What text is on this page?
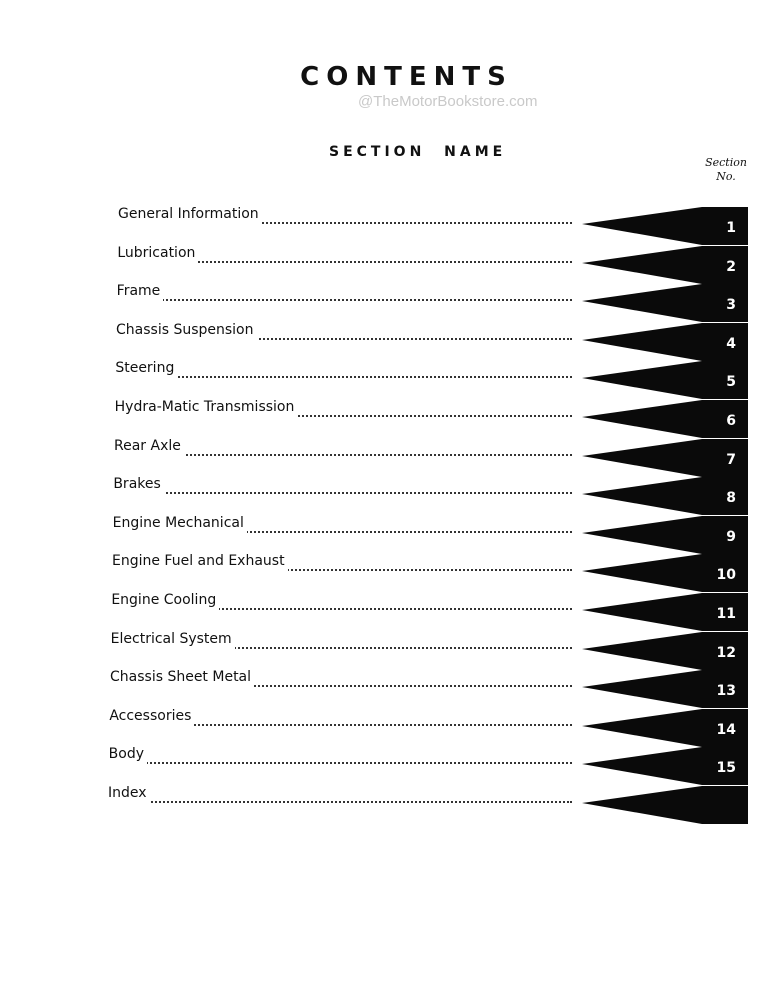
CONTENTS
@TheMotorBookstore.com
SECTION NAME
Section
No.
General Information
1
Lubrication
2
Frame
3
Chassis Suspension
4
Steering
5
Hydra-Matic Transmission
6
Rear Axle
7
Brakes
8
Engine Mechanical
9
Engine Fuel and Exhaust
10
Engine Cooling
11
Electrical System
12
Chassis Sheet Metal
13
Accessories
14
Body
15
Index
